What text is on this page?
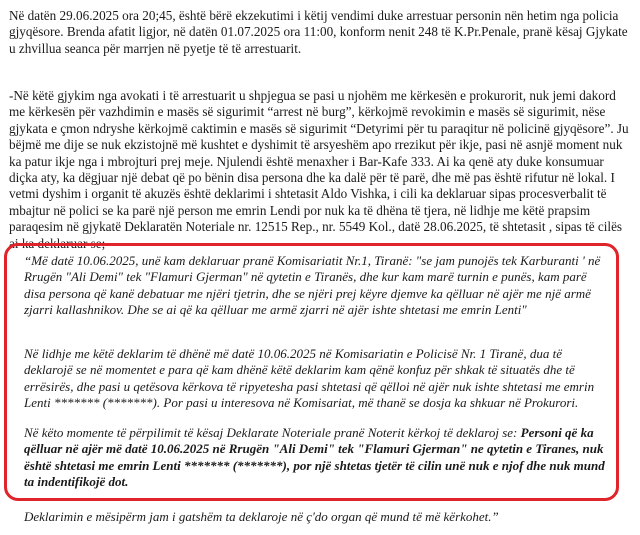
Në datën 29.06.2025 ora 20;45, është bërë ekzekutimi i këtij vendimi duke arrestuar personin nën hetim nga policia gjyqësore. Brenda afatit ligjor, në datën 01.07.2025 ora 11:00, konform nenit 248 të K.Pr.Penale, pranë kësaj Gjykate u zhvillua seanca për marrjen në pyetje të të arrestuarit.

-Në këtë gjykim nga avokati i të arrestuarit u shpjegua se pasi u njohëm me kërkesën e prokurorit, nuk jemi dakord me kërkesën për vazhdimin e masës së sigurimit “arrest në burg”, kërkojmë revokimin e masës së sigurimit, nëse gjykata e çmon ndryshe kërkojmë caktimin e masës së sigurimit “Detyrimi për tu paraqitur në policinë gjyqësore”. Ju bëjmë me dije se nuk ekzistojnë më kushtet e dyshimit të arsyeshëm apo rrezikut për ikje, pasi në asnjë moment nuk ka patur ikje nga i mbrojturi prej meje. Njulendi është menaxher i Bar-Kafe 333. Ai ka qenë aty duke konsumuar diçka aty, ka dëgjuar një debat që po bënin disa persona dhe ka dalë për të parë, dhe më pas është rifutur në lokal. I vetmi dyshim i organit të akuzës është deklarimi i shtetasit Aldo Vishka, i cili ka deklaruar sipas procesverbalit të mbajtur në polici se ka parë një person me emrin Lendi por nuk ka të dhëna të tjera, në lidhje me këtë prapsim paraqesim në gjykatë Deklaratën Noteriale nr. 12515 Rep., nr. 5549 Kol., datë 28.06.2025, të shtetasit , sipas të cilës ai ka deklaruar se;

“Më datë 10.06.2025, unë kam deklaruar pranë Komisariatit Nr.1, Tiranë: "se jam punojës tek Karburanti ' në Rrugën "Ali Demi" tek "Flamuri Gjerman" në qytetin e Tiranës, dhe kur kam marë turnin e punës, kam parë disa persona që kanë debatuar me njëri tjetrin, dhe se njëri prej këyre djemve ka qëlluar në ajër me një armë zjarri kallashnikov. Dhe se ai që ka qëlluar me armë zjarri në ajër ishte shtetasi me emrin Lenti"

Në lidhje me këtë deklarim të dhënë më datë 10.06.2025 në Komisariatin e Policisë Nr. 1 Tiranë, dua të deklarojë se në momentet e para që kam dhënë këtë deklarim kam qënë konfuz për shkak të situatës dhe të errësirës, dhe pasi u qetësova kërkova të ripyetesha pasi shtetasi që qëlloi në ajër nuk ishte shtetasi me emrin Lenti ******* (*******). Por pasi u interesova në Komisariat, më thanë se dosja ka shkuar në Prokurori.

Në këto momente të përpilimit të kësaj Deklarate Noteriale pranë Noterit kërkoj të deklaroj se: Personi që ka qëlluar në ajër më datë 10.06.2025 në Rrugën "Ali Demi" tek "Flamuri Gjerman" ne qytetin e Tiranes, nuk është shtetasi me emrin Lenti ******* (*******), por një shtetas tjetër të cilin unë nuk e njof dhe nuk mund ta indentifikojë dot.

Deklarimin e mësipërm jam i gatshëm ta deklaroje në ç'do organ që mund të më kërkohet.”
